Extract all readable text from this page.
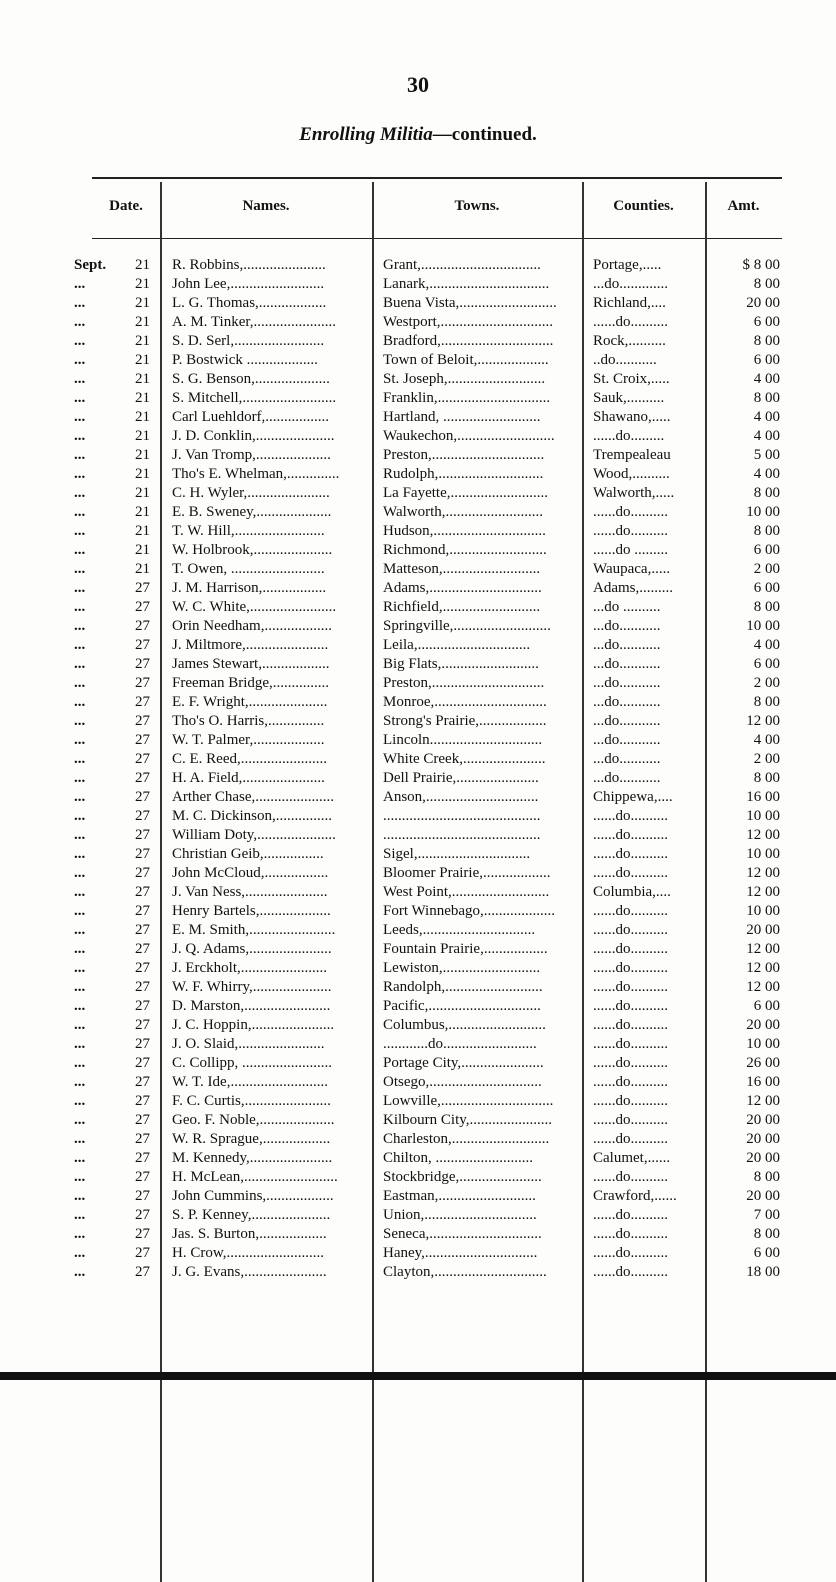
30
Enrolling Militia—continued.
Date.	Names.	Towns.	Counties.	Amt.
Sept.	21 R. Robbins,......................	Grant,................................	Portage,.....	$ 8 00
...	21 John Lee,.........................	Lanark,................................	...do.............	8 00
...	21 L. G. Thomas,..................	Buena Vista,..........................	Richland,....	20 00
...	21 A. M. Tinker,......................	Westport,..............................	......do..........	6 00
...	21 S. D. Serl,........................	Bradford,..............................	Rock,..........	8 00
...	21 P. Bostwick ...................	Town of Beloit,...................	..do...........	6 00
...	21 S. G. Benson,....................	St. Joseph,..........................	St. Croix,.....	4 00
...	21 S. Mitchell,.........................	Franklin,..............................	Sauk,..........	8 00
...	21 Carl Luehldorf,.................	Hartland, ..........................	Shawano,.....	4 00
...	21 J. D. Conklin,.....................	Waukechon,..........................	......do.........	4 00
...	21 J. Van Tromp,....................	Preston,..............................	Trempealeau	5 00
...	21 Tho's E. Whelman,..............	Rudolph,............................	Wood,..........	4 00
...	21 C. H. Wyler,......................	La Fayette,..........................	Walworth,.....	8 00
...	21 E. B. Sweney,....................	Walworth,..........................	......do..........	10 00
...	21 T. W. Hill,........................	Hudson,..............................	......do..........	8 00
...	21 W. Holbrook,.....................	Richmond,..........................	......do .........	6 00
...	21 T. Owen, .........................	Matteson,..........................	Waupaca,.....	2 00
...	27 J. M. Harrison,.................	Adams,..............................	Adams,.........	6 00
...	27 W. C. White,.......................	Richfield,..........................	...do ..........	8 00
...	27 Orin Needham,..................	Springville,..........................	...do...........	10 00
...	27 J. Miltmore,......................	Leila,..............................	...do...........	4 00
...	27 James Stewart,..................	Big Flats,..........................	...do...........	6 00
...	27 Freeman Bridge,...............	Preston,..............................	...do...........	2 00
...	27 E. F. Wright,.....................	Monroe,..............................	...do...........	8 00
...	27 Tho's O. Harris,...............	Strong's Prairie,..................	...do...........	12 00
...	27 W. T. Palmer,...................	Lincoln..............................	...do...........	4 00
...	27 C. E. Reed,.......................	White Creek,......................	...do...........	2 00
...	27 H. A. Field,......................	Dell Prairie,......................	...do...........	8 00
...	27 Arther Chase,.....................	Anson,..............................	Chippewa,....	16 00
...	27 M. C. Dickinson,...............	..........................................	......do..........	10 00
...	27 William Doty,.....................	..........................................	......do..........	12 00
...	27 Christian Geib,................	Sigel,..............................	......do..........	10 00
...	27 John McCloud,.................	Bloomer Prairie,..................	......do..........	12 00
...	27 J. Van Ness,......................	West Point,..........................	Columbia,....	12 00
...	27 Henry Bartels,...................	Fort Winnebago,...................	......do..........	10 00
...	27 E. M. Smith,.......................	Leeds,..............................	......do..........	20 00
...	27 J. Q. Adams,......................	Fountain Prairie,.................	......do..........	12 00
...	27 J. Erckholt,.......................	Lewiston,..........................	......do..........	12 00
...	27 W. F. Whirry,.....................	Randolph,..........................	......do..........	12 00
...	27 D. Marston,.......................	Pacific,..............................	......do..........	6 00
...	27 J. C. Hoppin,......................	Columbus,..........................	......do..........	20 00
...	27 J. O. Slaid,.......................	............do.........................	......do..........	10 00
...	27 C. Collipp, ........................	Portage City,......................	......do..........	26 00
...	27 W. T. Ide,..........................	Otsego,..............................	......do..........	16 00
...	27 F. C. Curtis,.......................	Lowville,..............................	......do..........	12 00
...	27 Geo. F. Noble,....................	Kilbourn City,......................	......do..........	20 00
...	27 W. R. Sprague,..................	Charleston,..........................	......do..........	20 00
...	27 M. Kennedy,......................	Chilton, ..........................	Calumet,......	20 00
...	27 H. McLean,.........................	Stockbridge,......................	......do..........	8 00
...	27 John Cummins,..................	Eastman,..........................	Crawford,......	20 00
...	27 S. P. Kenney,.....................	Union,..............................	......do..........	7 00
...	27 Jas. S. Burton,..................	Seneca,..............................	......do..........	8 00
...	27 H. Crow,..........................	Haney,..............................	......do..........	6 00
...	27 J. G. Evans,......................	Clayton,..............................	......do..........	18 00
